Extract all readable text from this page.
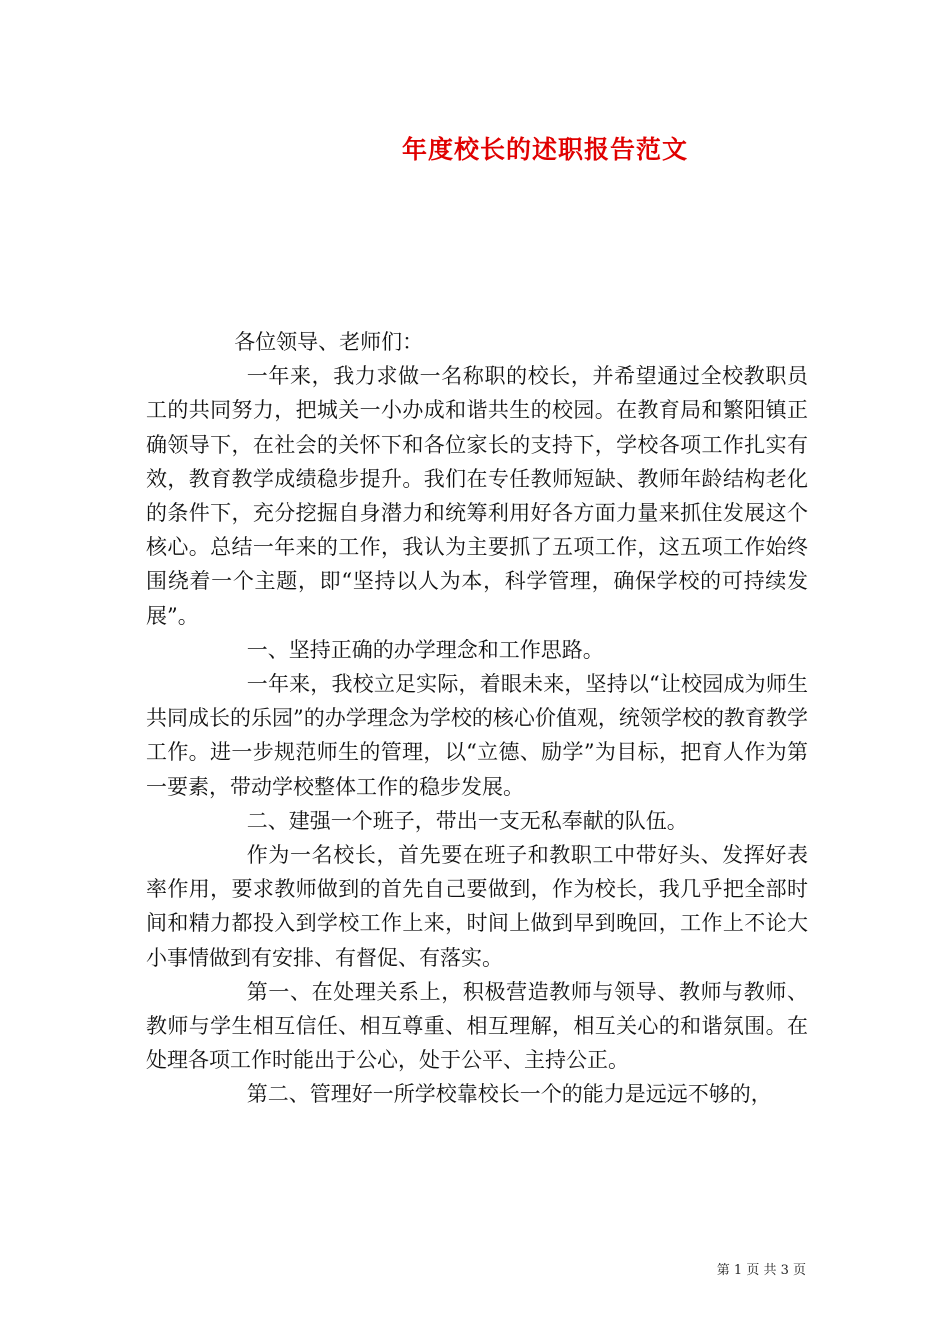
年度校长的述职报告范文

各位领导、老师们：

一年来，我力求做一名称职的校长，并希望通过全校教职员工的共同努力，把城关一小办成和谐共生的校园。在教育局和繁阳镇正确领导下，在社会的关怀下和各位家长的支持下，学校各项工作扎实有效，教育教学成绩稳步提升。我们在专任教师短缺、教师年龄结构老化的条件下，充分挖掘自身潜力和统筹利用好各方面力量来抓住发展这个核心。总结一年来的工作，我认为主要抓了五项工作，这五项工作始终围绕着一个主题，即“坚持以人为本，科学管理，确保学校的可持续发展”。

一、坚持正确的办学理念和工作思路。

一年来，我校立足实际，着眼未来，坚持以“让校园成为师生共同成长的乐园”的办学理念为学校的核心价值观，统领学校的教育教学工作。进一步规范师生的管理，以“立德、励学”为目标，把育人作为第一要素，带动学校整体工作的稳步发展。

二、建强一个班子，带出一支无私奉献的队伍。

作为一名校长，首先要在班子和教职工中带好头、发挥好表率作用，要求教师做到的首先自己要做到，作为校长，我几乎把全部时间和精力都投入到学校工作上来，时间上做到早到晚回，工作上不论大小事情做到有安排、有督促、有落实。

第一、在处理关系上，积极营造教师与领导、教师与教师、教师与学生相互信任、相互尊重、相互理解，相互关心的和谐氛围。在处理各项工作时能出于公心，处于公平、主持公正。

第二、管理好一所学校靠校长一个的能力是远远不够的，

第 1 页 共 3 页
